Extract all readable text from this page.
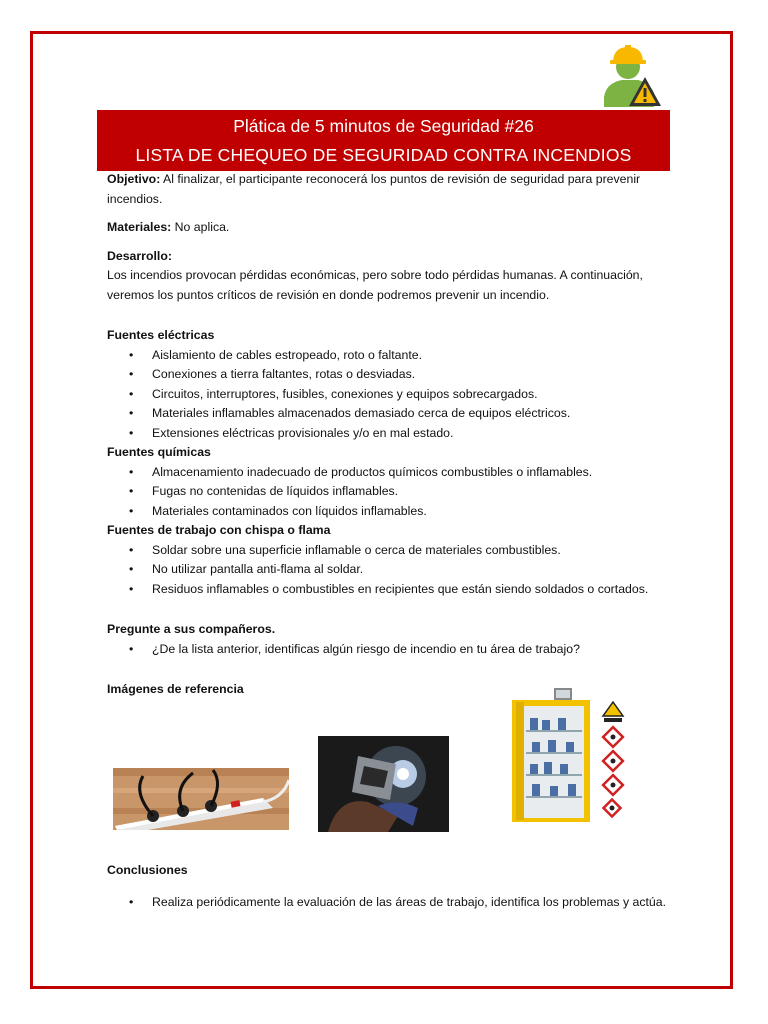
Plática de 5 minutos de Seguridad #26
LISTA DE CHEQUEO DE SEGURIDAD CONTRA INCENDIOS

Objetivo: Al finalizar, el participante reconocerá los puntos de revisión de seguridad para prevenir incendios.

Materiales: No aplica.

Desarrollo:

Los incendios provocan pérdidas económicas, pero sobre todo pérdidas humanas. A continuación, veremos los puntos críticos de revisión en donde podremos prevenir un incendio.

Fuentes eléctricas

• Aislamiento de cables estropeado, roto o faltante.
• Conexiones a tierra faltantes, rotas o desviadas.
• Circuitos, interruptores, fusibles, conexiones y equipos sobrecargados.
• Materiales inflamables almacenados demasiado cerca de equipos eléctricos.
• Extensiones eléctricas provisionales y/o en mal estado.

Fuentes químicas

• Almacenamiento inadecuado de productos químicos combustibles o inflamables.
• Fugas no contenidas de líquidos inflamables.
• Materiales contaminados con líquidos inflamables.

Fuentes de trabajo con chispa o flama

• Soldar sobre una superficie inflamable o cerca de materiales combustibles.
• No utilizar pantalla anti-flama al soldar.
• Residuos inflamables o combustibles en recipientes que están siendo soldados o cortados.

Pregunte a sus compañeros.

• ¿De la lista anterior, identificas algún riesgo de incendio en tu área de trabajo?

Imágenes de referencia

Conclusiones

• Realiza periódicamente la evaluación de las áreas de trabajo, identifica los problemas y actúa.
